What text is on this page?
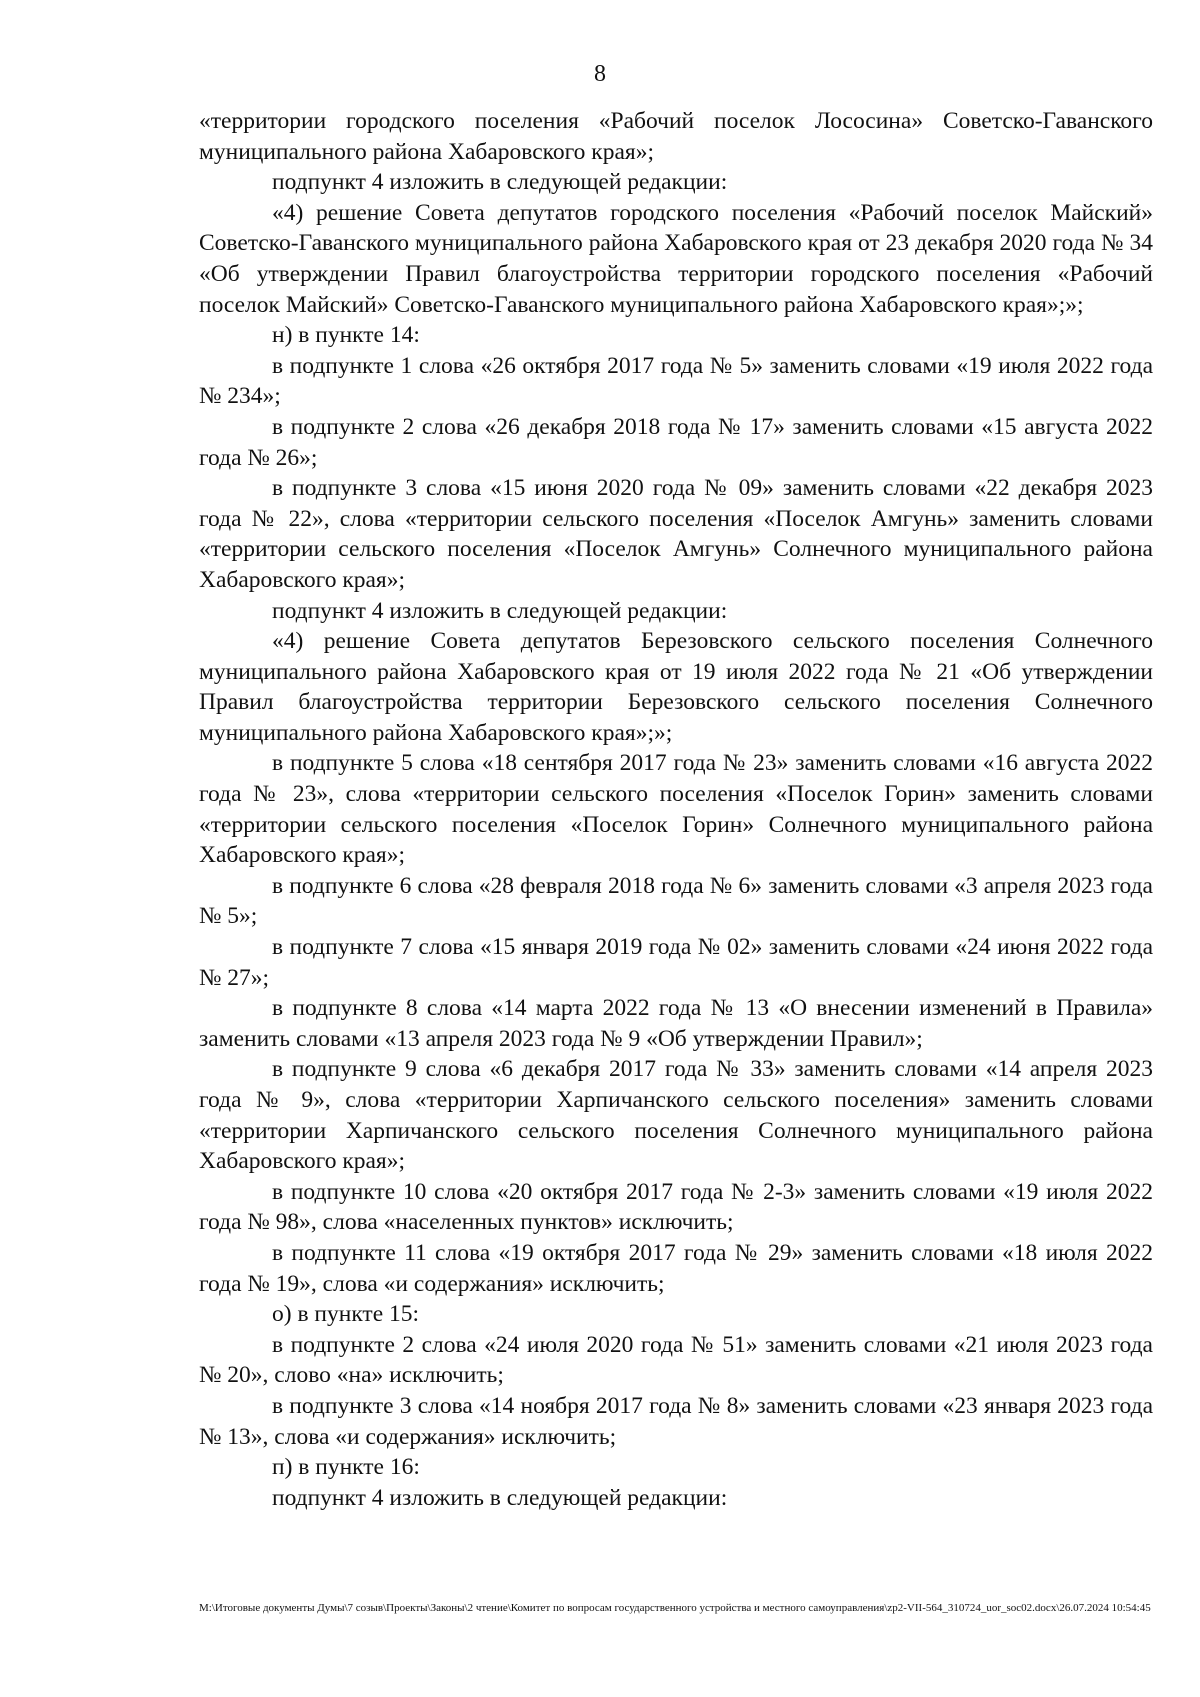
8

«территории городского поселения «Рабочий поселок Лососина» Советско-Гаванского муниципального района Хабаровского края»;

подпункт 4 изложить в следующей редакции:

«4) решение Совета депутатов городского поселения «Рабочий поселок Майский» Советско-Гаванского муниципального района Хабаровского края от 23 декабря 2020 года № 34 «Об утверждении Правил благоустройства территории городского поселения «Рабочий поселок Майский» Советско-Гаванского муниципального района Хабаровского края»;»;

н) в пункте 14:

в подпункте 1 слова «26 октября 2017 года № 5» заменить словами «19 июля 2022 года № 234»;

в подпункте 2 слова «26 декабря 2018 года № 17» заменить словами «15 августа 2022 года № 26»;

в подпункте 3 слова «15 июня 2020 года № 09» заменить словами «22 декабря 2023 года № 22», слова «территории сельского поселения «Поселок Амгунь» заменить словами «территории сельского поселения «Поселок Амгунь» Солнечного муниципального района Хабаровского края»;

подпункт 4 изложить в следующей редакции:

«4) решение Совета депутатов Березовского сельского поселения Солнечного муниципального района Хабаровского края от 19 июля 2022 года № 21 «Об утверждении Правил благоустройства территории Березовского сельского поселения Солнечного муниципального района Хабаровского края»;»;

в подпункте 5 слова «18 сентября 2017 года № 23» заменить словами «16 августа 2022 года № 23», слова «территории сельского поселения «Поселок Горин» заменить словами «территории сельского поселения «Поселок Горин» Солнечного муниципального района Хабаровского края»;

в подпункте 6 слова «28 февраля 2018 года № 6» заменить словами «3 апреля 2023 года № 5»;

в подпункте 7 слова «15 января 2019 года № 02» заменить словами «24 июня 2022 года № 27»;

в подпункте 8 слова «14 марта 2022 года № 13 «О внесении изменений в Правила» заменить словами «13 апреля 2023 года № 9 «Об утверждении Правил»;

в подпункте 9 слова «6 декабря 2017 года № 33» заменить словами «14 апреля 2023 года № 9», слова «территории Харпичанского сельского поселения» заменить словами «территории Харпичанского сельского поселения Солнечного муниципального района Хабаровского края»;

в подпункте 10 слова «20 октября 2017 года № 2-3» заменить словами «19 июля 2022 года № 98», слова «населенных пунктов» исключить;

в подпункте 11 слова «19 октября 2017 года № 29» заменить словами «18 июля 2022 года № 19», слова «и содержания» исключить;

о) в пункте 15:

в подпункте 2 слова «24 июля 2020 года № 51» заменить словами «21 июля 2023 года № 20», слово «на» исключить;

в подпункте 3 слова «14 ноября 2017 года № 8» заменить словами «23 января 2023 года № 13», слова «и содержания» исключить;

п) в пункте 16:

подпункт 4 изложить в следующей редакции:

М:\Итоговые документы Думы\7 созыв\Проекты\Законы\2 чтение\Комитет по вопросам государственного устройства и местного самоуправления\zp2-VII-564_310724_uor_soc02.docx\26.07.2024 10:54:45
